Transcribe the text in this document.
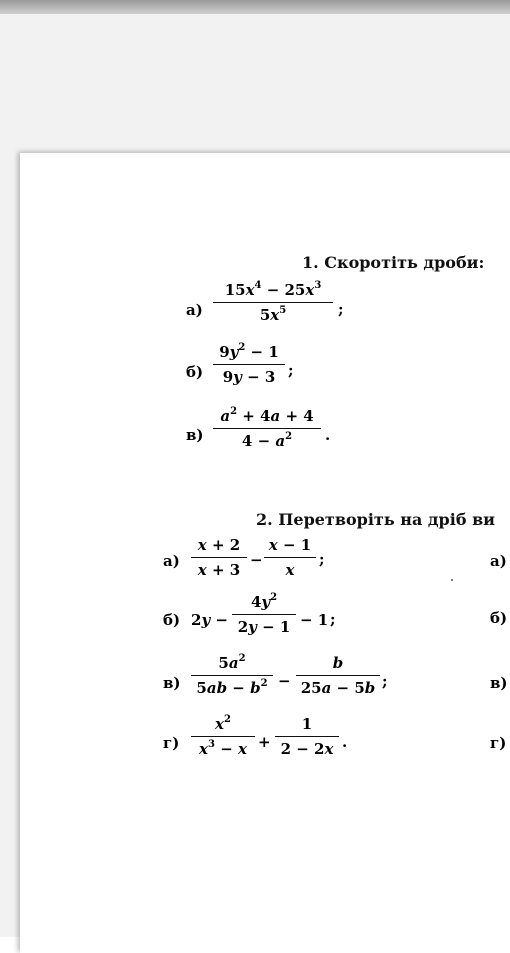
1. Скоротіть дроби:
а)
$15x^4 - 25x^3$
$5x^5$	;
б)
$9y^2 - 1$
9y − 3 ;
в)
$a^2 + 4a + 4$
$4 - a^2$	.
2. Перетворіть на дріб ви
а)
x + 2
x + 3
−
x − 1
x
;
б) 2y −
$4y^2$
2y − 1 − 1 ;
в)
$5a^2$
$5ab - b^2$ −
b
25a − 5b ;
г)
$x^2$
$x^3 - x$ +
1
2 − 2x .
а)
б)
в)
г)
